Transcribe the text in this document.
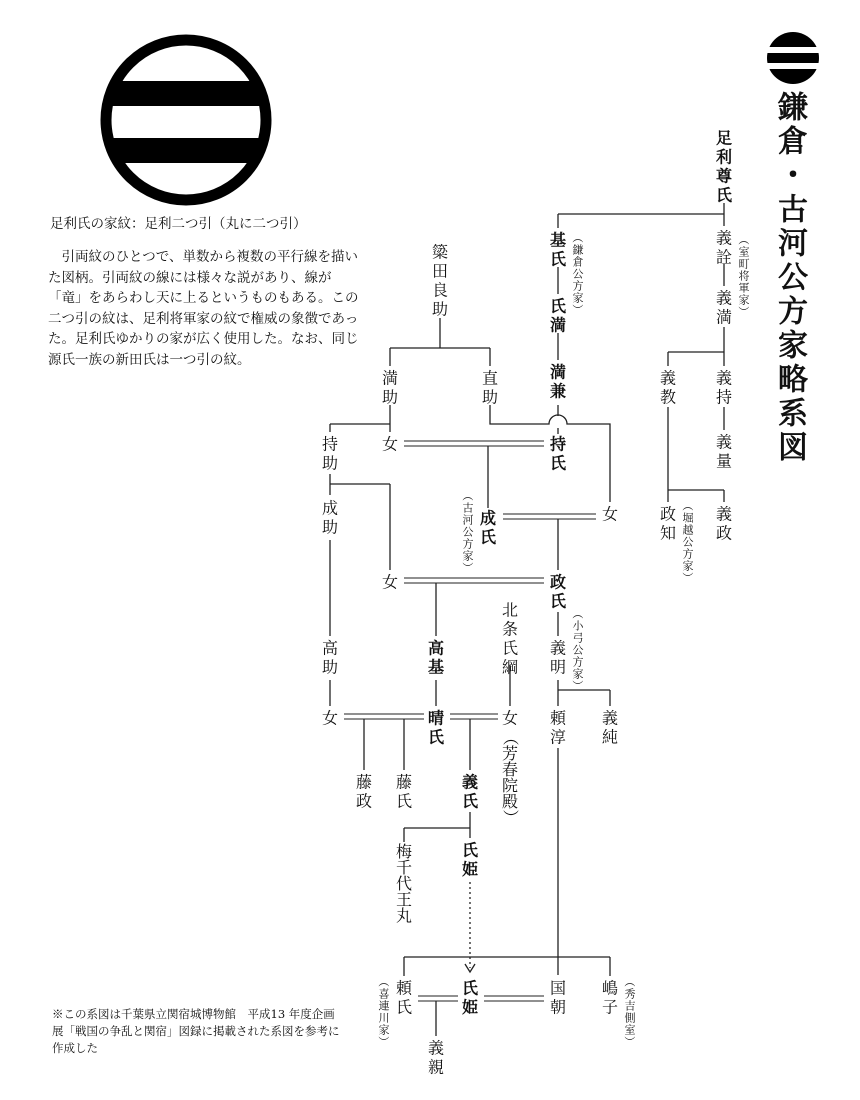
鎌
倉
・
古
河
公
方
家
略
系
図
足
利
尊
氏
義
詮
義
満
義
教
義
持
義
量
政
知
義
政
基
氏
氏
満
満
兼
持
氏
成
氏
政
氏
高
基
晴
氏
義
氏
氏
姫
氏
姫
義
明
頼
淳
義
純
国
朝
嶋
子
頼
氏
義
親
梅
千
代
王
丸
藤
政
藤
氏
簗
田
良
助
満
助
直
助
持
助
成
助
高
助
女
女
女
女
北
条
氏
綱
女
（
室
町
将
軍
家
）
（
鎌
倉
公
方
家
）
（
古
河
公
方
家
）
（
堀
越
公
方
家
）
（
小
弓
公
方
家
）
（
芳
春
院
殿
）
（
喜
連
川
家
）
（
秀
吉
側
室
）
足利氏の家紋：足利二つ引（丸に二つ引）

引両紋のひとつで、単数から複数の平行線を描いた図柄。引両紋の線には様々な説があり、線が「竜」をあらわし天に上るというものもある。この二つ引の紋は、足利将軍家の紋で権威の象徴であった。足利氏ゆかりの家が広く使用した。なお、同じ源氏一族の新田氏は一つ引の紋。

※この系図は千葉県立関宿城博物館　平成13 年度企画展「戦国の争乱と関宿」図録に掲載された系図を参考に作成した
